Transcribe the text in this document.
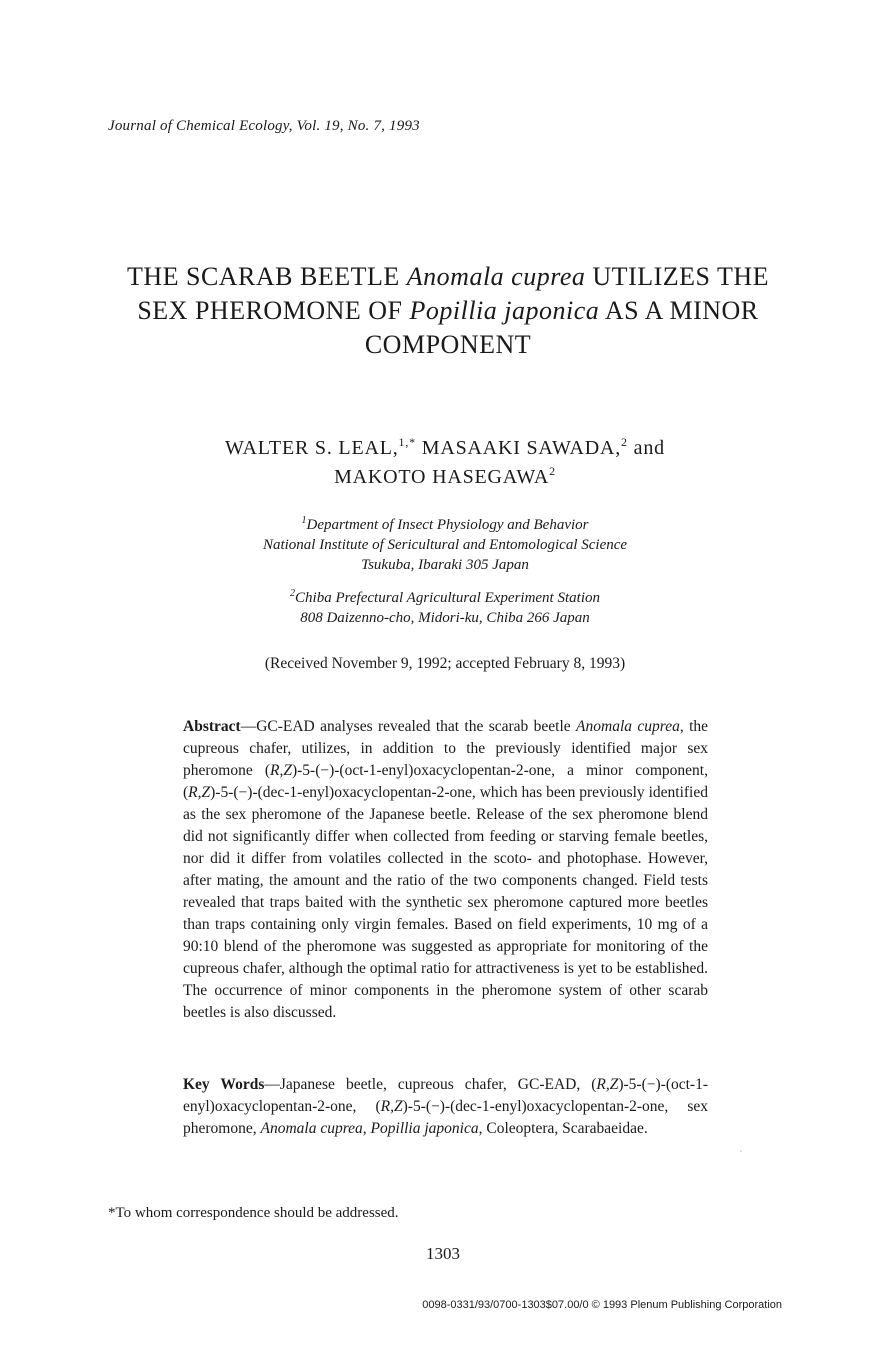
Journal of Chemical Ecology, Vol. 19, No. 7, 1993
THE SCARAB BEETLE Anomala cuprea UTILIZES THE SEX PHEROMONE OF Popillia japonica AS A MINOR COMPONENT
WALTER S. LEAL,$^{1,*}$ MASAAKI SAWADA,$^2$ and
MAKOTO HASEGAWA$^2$
$^1$Department of Insect Physiology and Behavior
National Institute of Sericultural and Entomological Science
Tsukuba, Ibaraki 305 Japan
$^2$Chiba Prefectural Agricultural Experiment Station
808 Daizenno-cho, Midori-ku, Chiba 266 Japan
(Received November 9, 1992; accepted February 8, 1993)
Abstract—GC-EAD analyses revealed that the scarab beetle Anomala cuprea, the cupreous chafer, utilizes, in addition to the previously identified major sex pheromone (R,Z)-5-(−)-(oct-1-enyl)oxacyclopentan-2-one, a minor component, (R,Z)-5-(−)-(dec-1-enyl)oxacyclopentan-2-one, which has been previously identified as the sex pheromone of the Japanese beetle. Release of the sex pheromone blend did not significantly differ when collected from feeding or starving female beetles, nor did it differ from volatiles collected in the scoto- and photophase. However, after mating, the amount and the ratio of the two components changed. Field tests revealed that traps baited with the synthetic sex pheromone captured more beetles than traps containing only virgin females. Based on field experiments, 10 mg of a 90:10 blend of the pheromone was suggested as appropriate for monitoring of the cupreous chafer, although the optimal ratio for attractiveness is yet to be established. The occurrence of minor components in the pheromone system of other scarab beetles is also discussed.
Key Words—Japanese beetle, cupreous chafer, GC-EAD, (R,Z)-5-(−)-(oct-1-enyl)oxacyclopentan-2-one, (R,Z)-5-(−)-(dec-1-enyl)oxacyclopentan-2-one, sex pheromone, Anomala cuprea, Popillia japonica, Coleoptera, Scarabaeidae.
*To whom correspondence should be addressed.
1303
0098-0331/93/0700-1303$07.00/0 © 1993 Plenum Publishing Corporation
